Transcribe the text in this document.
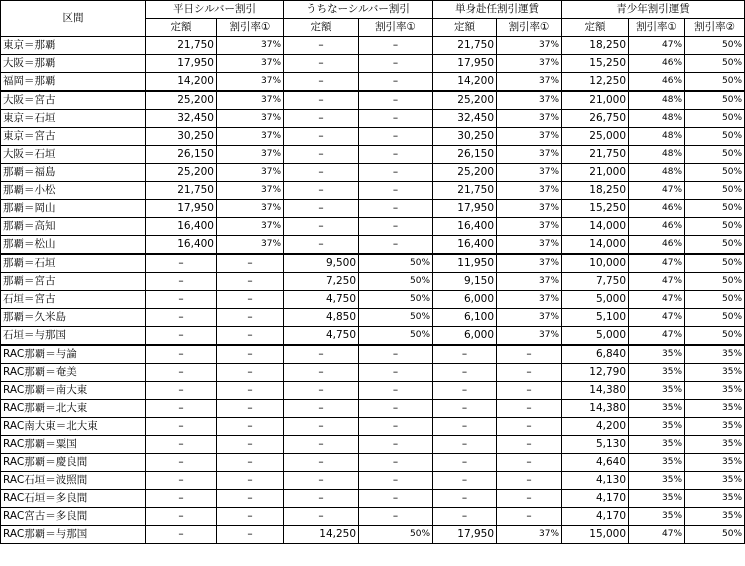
区間	平日シルバー割引		うちなーシルバー割引		単身赴任割引運賃		青少年割引運賃		
	定額	割引率①	定額	割引率①	定額	割引率①	定額	割引率①	割引率②
東京＝那覇	21,750	37%	–	–	21,750	37%	18,250	47%	50%
大阪＝那覇	17,950	37%	–	–	17,950	37%	15,250	46%	50%
福岡＝那覇	14,200	37%	–	–	14,200	37%	12,250	46%	50%
大阪＝宮古	25,200	37%	–	–	25,200	37%	21,000	48%	50%
東京＝石垣	32,450	37%	–	–	32,450	37%	26,750	48%	50%
東京＝宮古	30,250	37%	–	–	30,250	37%	25,000	48%	50%
大阪＝石垣	26,150	37%	–	–	26,150	37%	21,750	48%	50%
那覇＝福島	25,200	37%	–	–	25,200	37%	21,000	48%	50%
那覇＝小松	21,750	37%	–	–	21,750	37%	18,250	47%	50%
那覇＝岡山	17,950	37%	–	–	17,950	37%	15,250	46%	50%
那覇＝高知	16,400	37%	–	–	16,400	37%	14,000	46%	50%
那覇＝松山	16,400	37%	–	–	16,400	37%	14,000	46%	50%
那覇＝石垣	–	–	9,500	50%	11,950	37%	10,000	47%	50%
那覇＝宮古	–	–	7,250	50%	9,150	37%	7,750	47%	50%
石垣＝宮古	–	–	4,750	50%	6,000	37%	5,000	47%	50%
那覇＝久米島	–	–	4,850	50%	6,100	37%	5,100	47%	50%
石垣＝与那国	–	–	4,750	50%	6,000	37%	5,000	47%	50%
RAC那覇＝与論	–	–	–	–	–	–	6,840	35%	35%
RAC那覇＝奄美	–	–	–	–	–	–	12,790	35%	35%
RAC那覇＝南大東	–	–	–	–	–	–	14,380	35%	35%
RAC那覇＝北大東	–	–	–	–	–	–	14,380	35%	35%
RAC南大東＝北大東	–	–	–	–	–	–	4,200	35%	35%
RAC那覇＝粟国	–	–	–	–	–	–	5,130	35%	35%
RAC那覇＝慶良間	–	–	–	–	–	–	4,640	35%	35%
RAC石垣＝波照間	–	–	–	–	–	–	4,130	35%	35%
RAC石垣＝多良間	–	–	–	–	–	–	4,170	35%	35%
RAC宮古＝多良間	–	–	–	–	–	–	4,170	35%	35%
RAC那覇＝与那国	–	–	14,250	50%	17,950	37%	15,000	47%	50%
